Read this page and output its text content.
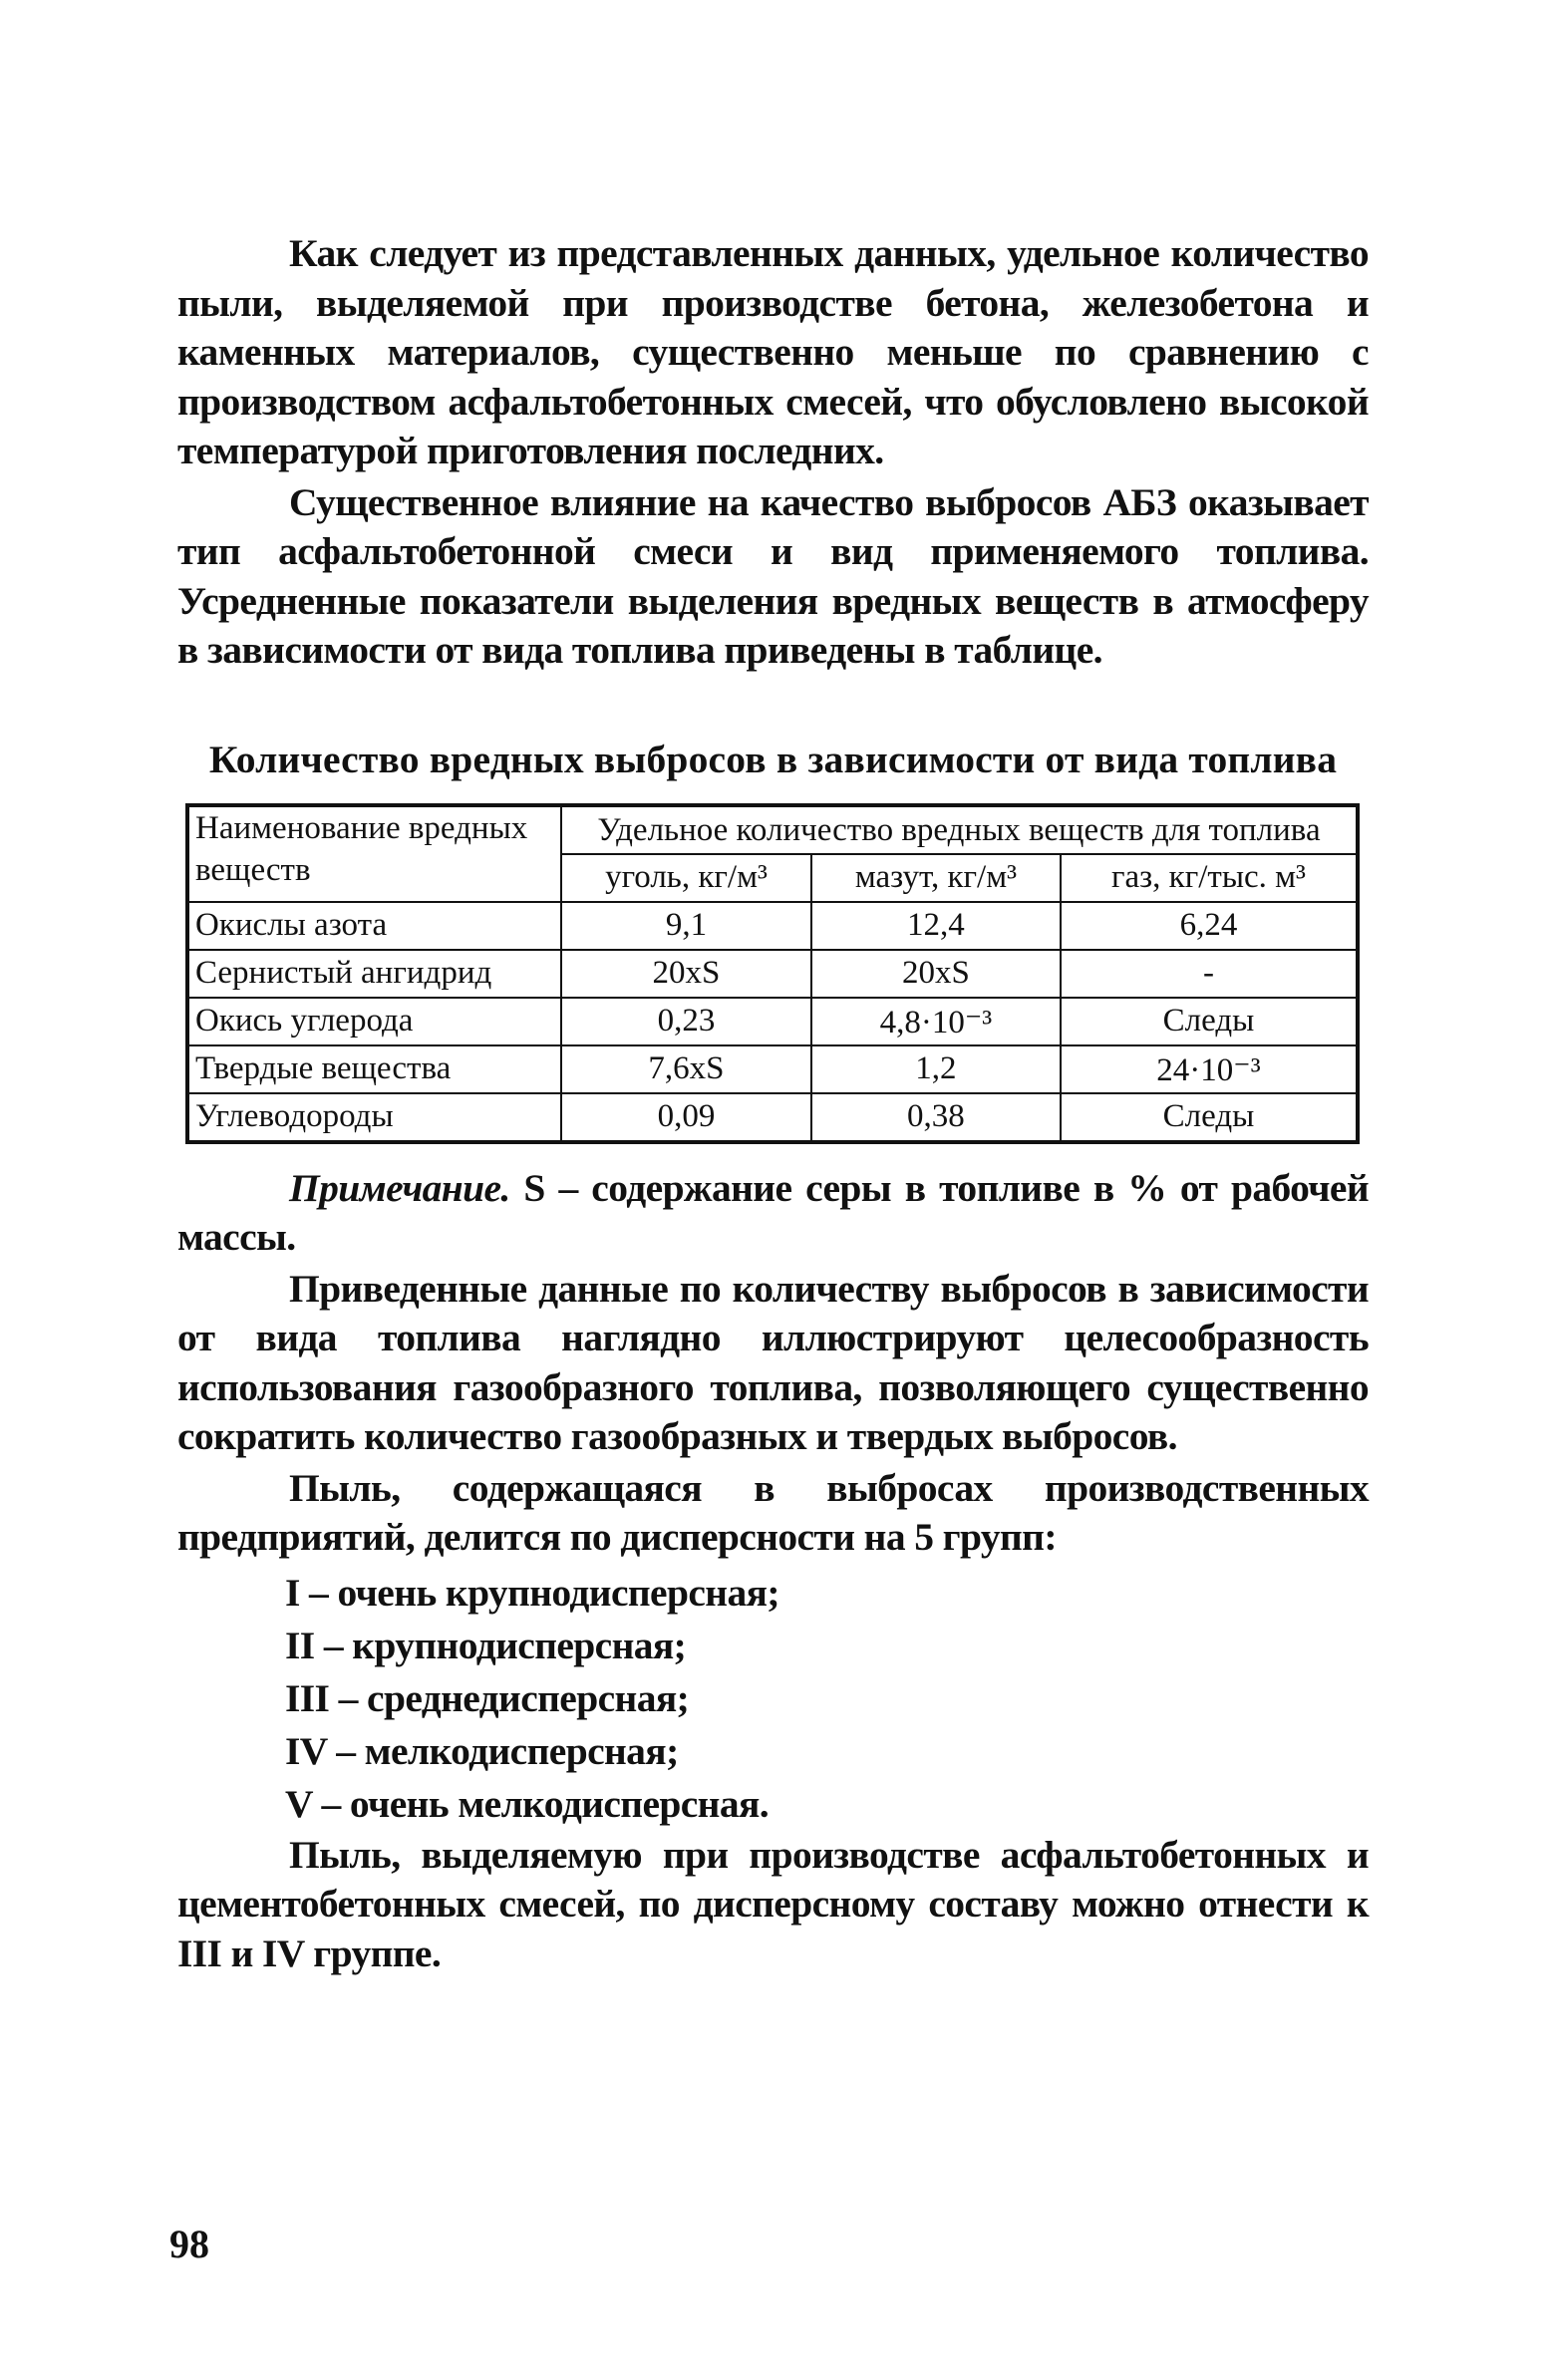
Как следует из представленных данных, удельное количество пыли, выделяемой при производстве бетона, железобетона и каменных материалов, существенно меньше по сравнению с производством асфальтобетонных смесей, что обусловлено высокой температурой приготовления последних.

Существенное влияние на качество выбросов АБЗ оказывает тип асфальтобетонной смеси и вид применяемого топлива. Усредненные показатели выделения вредных веществ в атмосферу в зависимости от вида топлива приведены в таблице.

Количество вредных выбросов в зависимости от вида топлива
Наименование вредных веществ	Удельное количество вредных веществ для топлива		
	уголь, кг/м³	мазут, кг/м³	газ, кг/тыс. м³
Окислы азота	9,1	12,4	6,24
Сернистый ангидрид	20xS	20xS	-
Окись углерода	0,23	4,8·10⁻³	Следы
Твердые вещества	7,6xS	1,2	24·10⁻³
Углеводороды	0,09	0,38	Следы

Примечание. S – содержание серы в топливе в % от рабочей массы.

Приведенные данные по количеству выбросов в зависимости от вида топлива наглядно иллюстрируют целесообразность использования газообразного топлива, позволяющего существенно сократить количество газообразных и твердых выбросов.

Пыль, содержащаяся в выбросах производственных предприятий, делится по дисперсности на 5 групп:

I – очень крупнодисперсная;
II – крупнодисперсная;
III – среднедисперсная;
IV – мелкодисперсная;
V – очень мелкодисперсная.

Пыль, выделяемую при производстве асфальтобетонных и цементобетонных смесей, по дисперсному составу можно отнести к III и IV группе.

98
